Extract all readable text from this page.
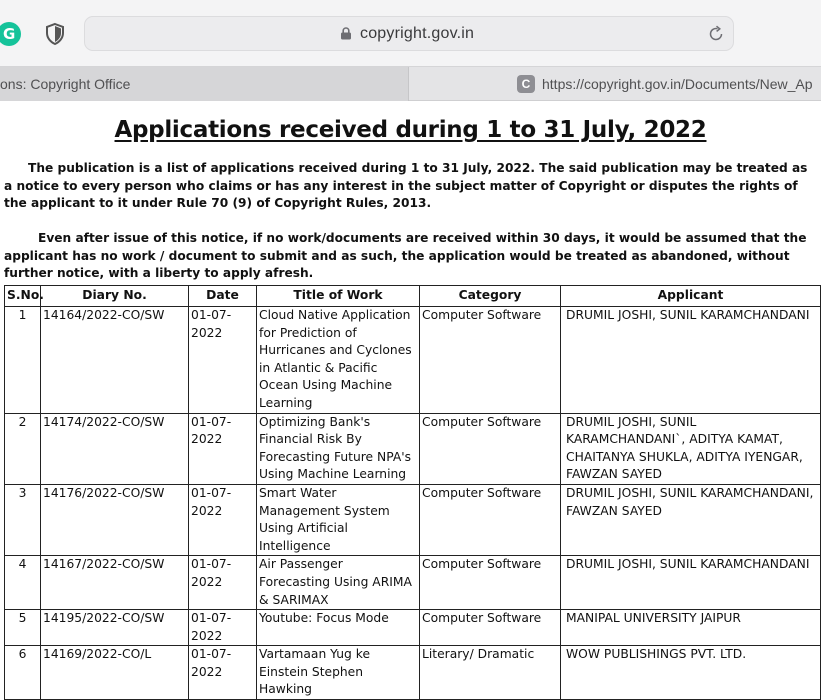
G
copyright.gov.in
ons: Copyright Office	C https://copyright.gov.in/Documents/New_Ap
Applications received during 1 to 31 July, 2022

The publication is a list of applications received during 1 to 31 July, 2022. The said publication may be treated as a notice to every person who claims or has any interest in the subject matter of Copyright or disputes the rights of the applicant to it under Rule 70 (9) of Copyright Rules, 2013.

Even after issue of this notice, if no work/documents are received within 30 days, it would be assumed that the applicant has no work / document to submit and as such, the application would be treated as abandoned, without further notice, with a liberty to apply afresh.

S.No.	Diary No.	Date	Title of Work	Category	Applicant
1	14164/2022-CO/SW	01-07-2022	Cloud Native Application for Prediction of Hurricanes and Cyclones in Atlantic & Pacific Ocean Using Machine Learning	Computer Software	DRUMIL JOSHI, SUNIL KARAMCHANDANI
2	14174/2022-CO/SW	01-07-2022	Optimizing Bank's Financial Risk By Forecasting Future NPA's Using Machine Learning	Computer Software	DRUMIL JOSHI, SUNIL KARAMCHANDANI`, ADITYA KAMAT, CHAITANYA SHUKLA, ADITYA IYENGAR, FAWZAN SAYED
3	14176/2022-CO/SW	01-07-2022	Smart Water Management System Using Artificial Intelligence	Computer Software	DRUMIL JOSHI, SUNIL KARAMCHANDANI, FAWZAN SAYED
4	14167/2022-CO/SW	01-07-2022	Air Passenger Forecasting Using ARIMA & SARIMAX	Computer Software	DRUMIL JOSHI, SUNIL KARAMCHANDANI
5	14195/2022-CO/SW	01-07-2022	Youtube: Focus Mode	Computer Software	MANIPAL UNIVERSITY JAIPUR
6	14169/2022-CO/L	01-07-2022	Vartamaan Yug ke Einstein Stephen Hawking	Literary/ Dramatic	WOW PUBLISHINGS PVT. LTD.
